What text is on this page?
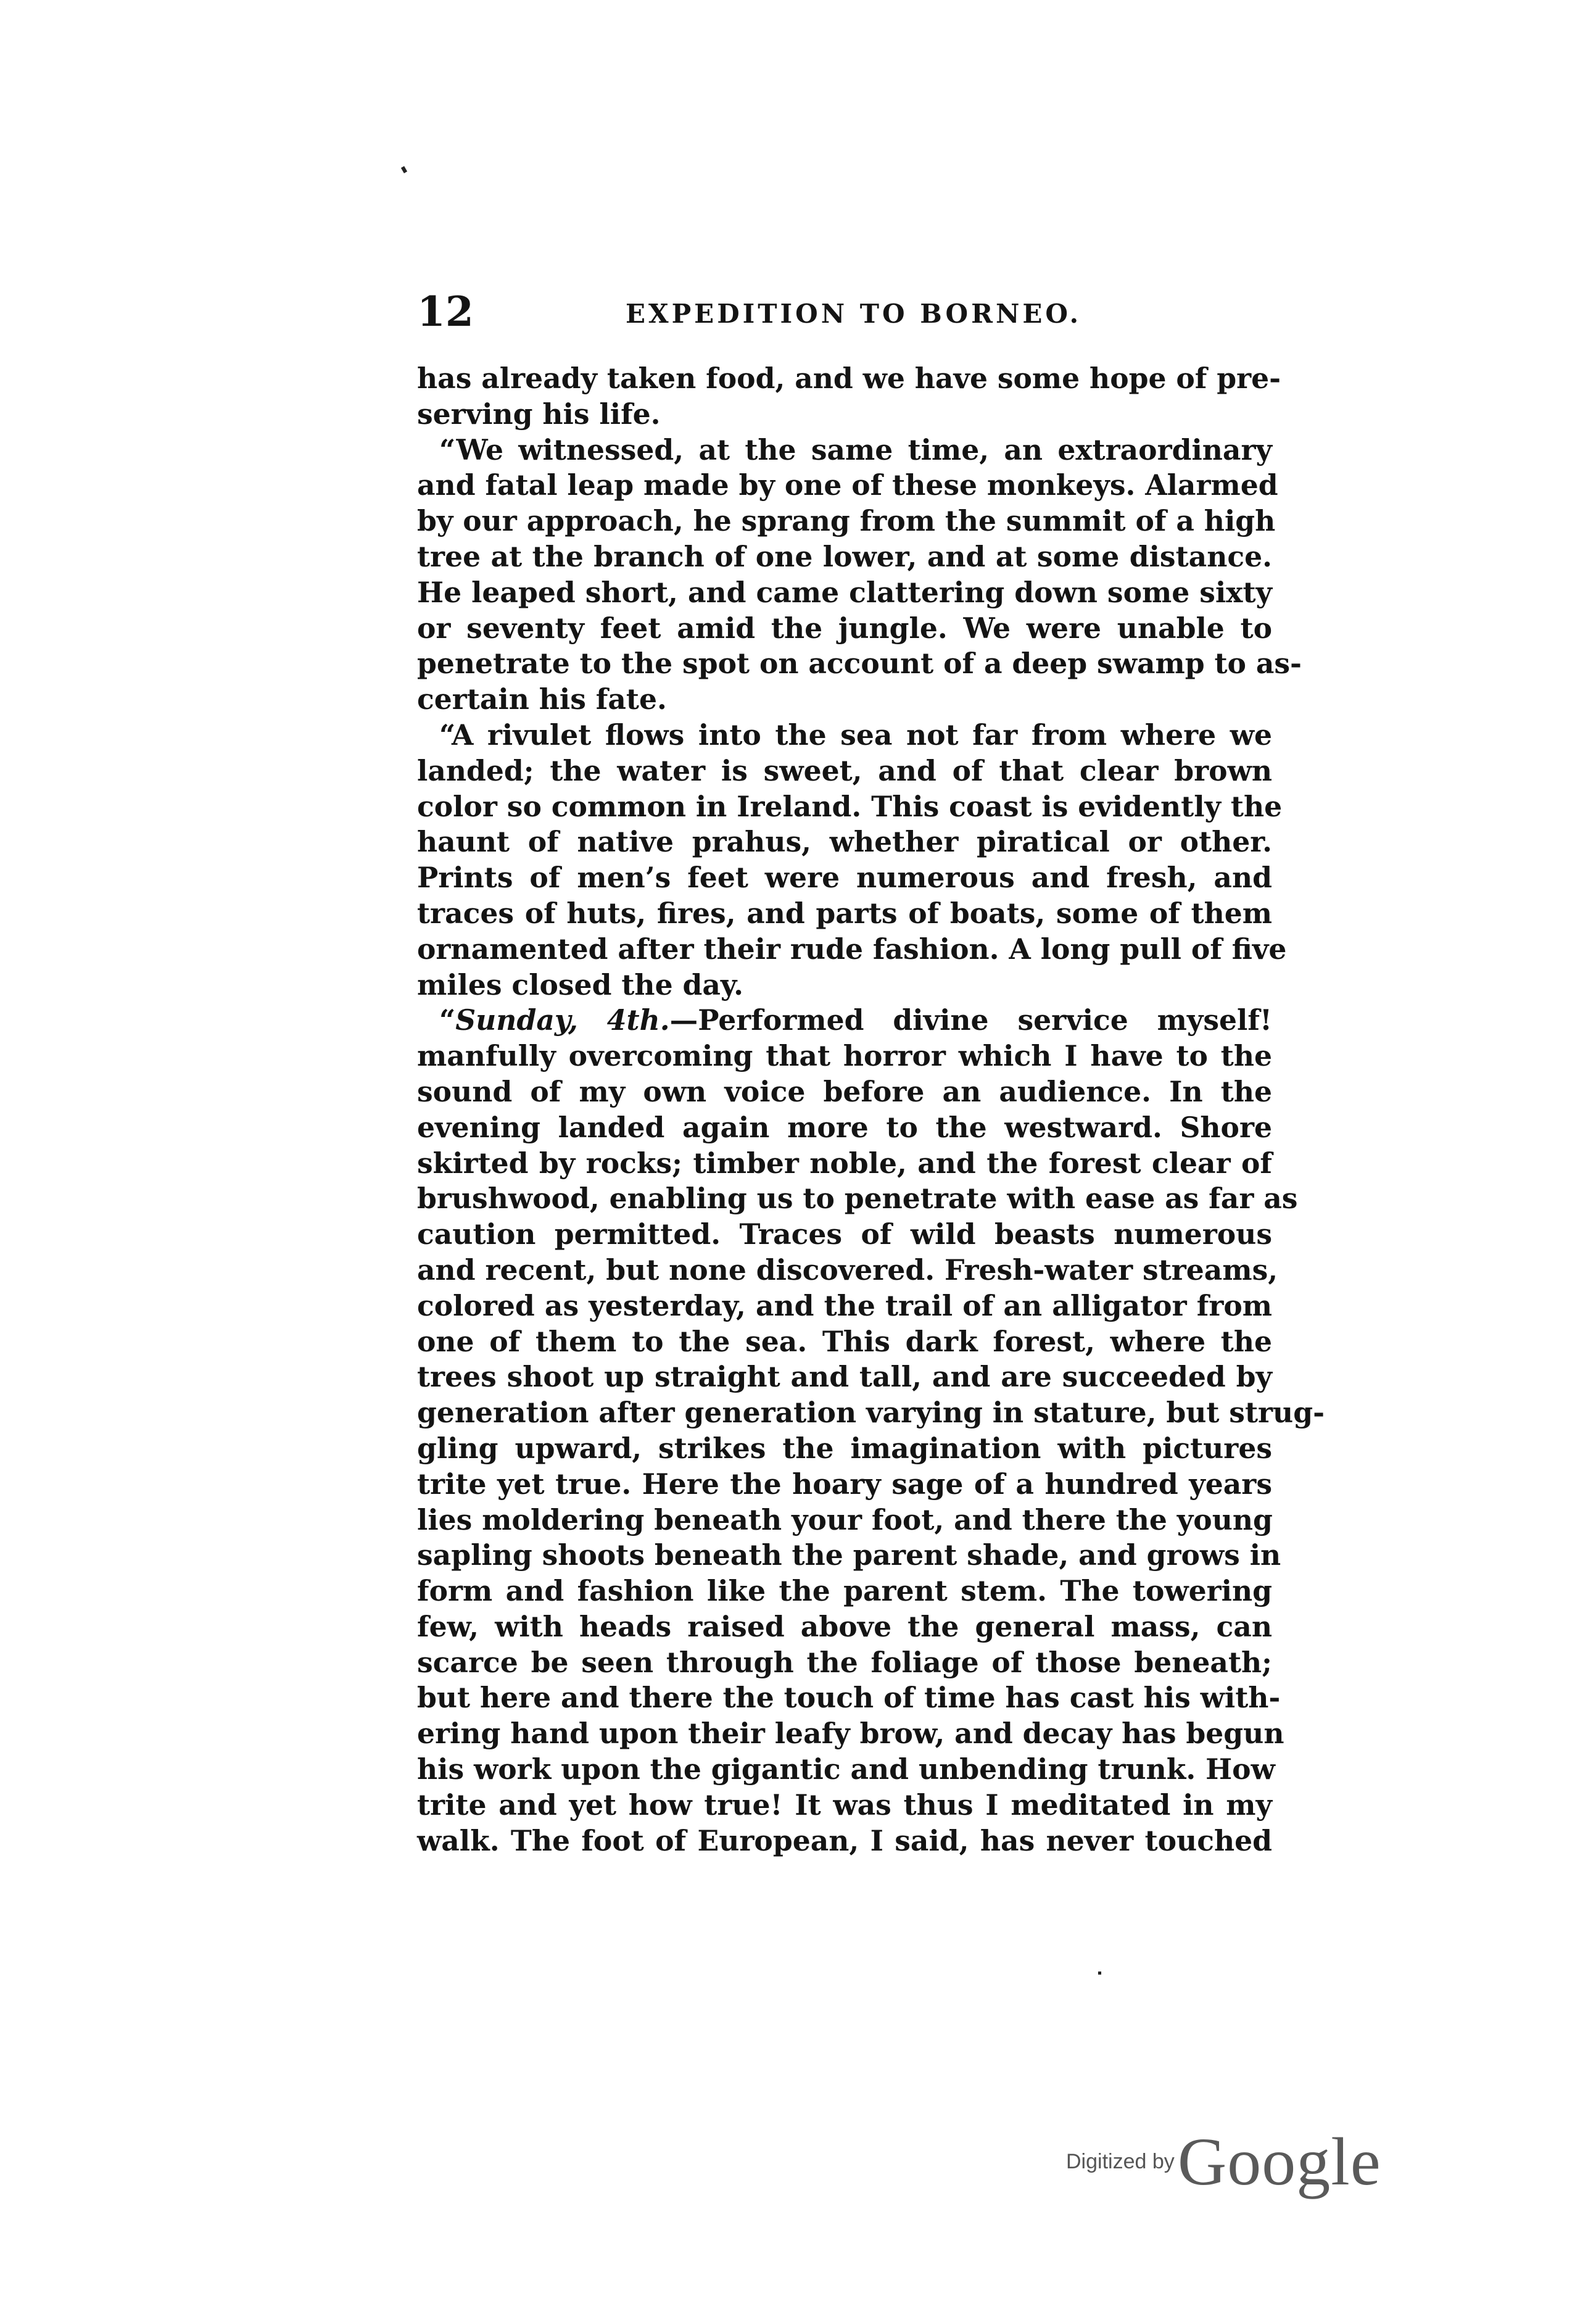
12	EXPEDITION TO BORNEO.
has already taken food, and we have some hope of pre-
serving his life.
“We witnessed, at the same time, an extraordinary
and fatal leap made by one of these monkeys. Alarmed
by our approach, he sprang from the summit of a high
tree at the branch of one lower, and at some distance.
He leaped short, and came clattering down some sixty
or seventy feet amid the jungle. We were unable to
penetrate to the spot on account of a deep swamp to as-
certain his fate.
“A rivulet flows into the sea not far from where we
landed; the water is sweet, and of that clear brown
color so common in Ireland. This coast is evidently the
haunt of native prahus, whether piratical or other.
Prints of men’s feet were numerous and fresh, and
traces of huts, fires, and parts of boats, some of them
ornamented after their rude fashion. A long pull of five
miles closed the day.
“Sunday, 4th.—Performed divine service myself!
manfully overcoming that horror which I have to the
sound of my own voice before an audience. In the
evening landed again more to the westward. Shore
skirted by rocks; timber noble, and the forest clear of
brushwood, enabling us to penetrate with ease as far as
caution permitted. Traces of wild beasts numerous
and recent, but none discovered. Fresh-water streams,
colored as yesterday, and the trail of an alligator from
one of them to the sea. This dark forest, where the
trees shoot up straight and tall, and are succeeded by
generation after generation varying in stature, but strug-
gling upward, strikes the imagination with pictures
trite yet true. Here the hoary sage of a hundred years
lies moldering beneath your foot, and there the young
sapling shoots beneath the parent shade, and grows in
form and fashion like the parent stem. The towering
few, with heads raised above the general mass, can
scarce be seen through the foliage of those beneath;
but here and there the touch of time has cast his with-
ering hand upon their leafy brow, and decay has begun
his work upon the gigantic and unbending trunk. How
trite and yet how true! It was thus I meditated in my
walk. The foot of European, I said, has never touched
Digitized by Google
